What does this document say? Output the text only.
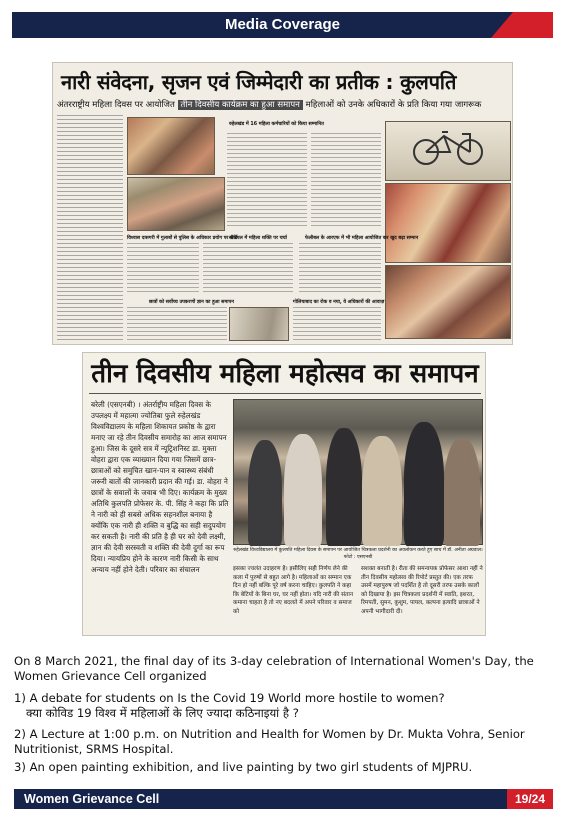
Media Coverage
नारी संवेदना, सृजन एवं जिम्मेदारी का प्रतीक : कुलपति
अंतरराष्ट्रीय महिला दिवस पर आयोजित तीन दिवसीय कार्यक्रम का हुआ समापन महिलाओं को उनके अधिकारों के प्रति किया गया जागरूक
रुहेलखंड में 16 महिला कर्मचारियों को किया सम्मानित
विश्वास दासगरी में गुलाबों से पुलिस के अधिकार प्रयोग पर चर्चा
सीरियल में महिला शक्ति पर चर्चा	फेलीबल के आरएफ में भी महिला आयोजित कर खुद बढ़ा सम्मान
छात्रों को सर्वोच्च उपकरणों ज्ञान का हुआ समापन	गोलियाबाद का रोक व नया, वे अधिकारों की आवाज़
तीन दिवसीय महिला महोत्सव का समापन
बरेली (एसएनबी) । अंतर्राष्ट्रीय महिला दिवस के उपलक्ष्य में महात्मा ज्योतिबा फुले रुहेलखंड विश्वविद्यालय के महिला शिकायत प्रकोष्ठ के द्वारा मनाए जा रहे तीन दिवसीय समारोह का आज समापन हुआ। जिस के दूसरे सत्र में न्यूट्रिशनिस्ट डा. मुक्ता वोहरा द्वारा एक व्याख्यान दिया गया जिसमें छात्र-छात्राओं को समुचित खान-पान व स्वास्थ्य संबंधी जरूरी बातों की जानकारी प्रदान की गई। डा. वोहरा ने छात्रों के सवालों के जवाब भी दिए। कार्यक्रम के मुख्य अतिथि कुलपति प्रोफेसर के. पी. सिंह ने कहा कि प्रति ने नारी को ही सबसे अधिक सहनशील बनाया है क्योंकि एक नारी ही शक्ति व बुद्धि का सही सदुपयोग कर सकती है। नारी की प्रति है ही घर को देवी लक्ष्मी, ज्ञान की देवी सरस्वती व शक्ति की देवी दुर्गा का रूप दिया। न्यायप्रिय होने के कारण नारी किसी के साथ अन्याय नहीं होने देती। परिवार का संचालन
रुहेलखंड विश्वविद्यालय में कुलपति महिला दिवस के समापन पर आयोजित चित्रकला प्रदर्शनी का अवलोकन करते हुए साथ में डॉ. अनीता अग्रवाल। फोटो : एसएनबी
इसका ज्वलंत उदाहरण है। इसीलिए सही निर्णय लेने की कला में पुरुषों से बहुत आगे है। महिलाओं का सम्मान एक दिन हो नहीं बल्कि पूरे वर्ष करना चाहिए। कुलपति ने कहा कि बेटियों के बिना घर, घर नहीं होता। यदि नारी की संतान कमाना चाहता है तो नए बदलते में अपने परिवार व समाज को
सशक्त बनाती है। रीता की समन्वयक प्रोफेसर आशा नहीं ने तीन दिवसीय महोत्सव की रिपोर्ट प्रस्तुत की। एक तरफ उसमें महापुरुष जो पदर्शित है तो दूसरी तरफ उसके कालों को दिखाया है। इस चित्रकला प्रदर्शनी में स्वाति, इशरत, रिमपती, सुमन, कुशुम, पायल, कल्पना इत्यादि छात्राओं ने अपनी भागीदारी दी।
On 8 March 2021, the final day of its 3-day celebration of International Women's Day, the Women Grievance Cell organized
1) A debate for students on Is the Covid 19 World more hostile to women?
क्या कोविड 19 विश्व में महिलाओं के लिए ज्यादा कठिनाइयां है ?
2) A Lecture at 1:00 p.m. on Nutrition and Health for Women by Dr. Mukta Vohra, Senior Nutritionist, SRMS Hospital.
3) An open painting exhibition, and live painting by two girl students of MJPRU.
Women Grievance Cell	19/24
